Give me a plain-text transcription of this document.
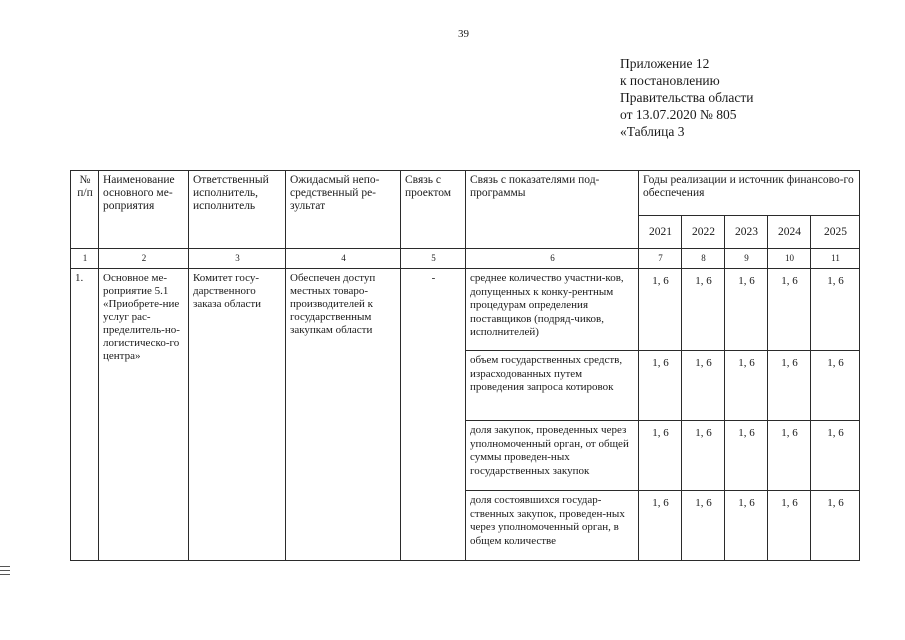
39
Приложение 12
к постановлению
Правительства области
от 13.07.2020 № 805
«Таблица 3
№ п/п	Наименование основного ме-роприятия	Ответственный исполнитель, исполнитель	Ожидасмый непо-средственный ре-зультат	Связь с проектом	Связь с показателями под-программы	Годы реализации и источник финансово-го обеспечения				
						2021	2022	2023	2024	2025
1	2	3	4	5	6	7	8	9	10	11
1.	Основное ме-роприятие 5.1 «Приобрете-ние услуг рас-пределитель-но-логистическо-го центра»	Комитет госу-дарственного заказа области	Обеспечен доступ местных товаро-производителей к государственным закупкам области	-	среднее количество участни-ков, допущенных к конку-рентным процедурам определения поставщиков (подряд-чиков, исполнителей)	1, 6	1, 6	1, 6	1, 6	1, 6
					объем государственных средств, израсходованных путем проведения запроса котировок	1, 6	1, 6	1, 6	1, 6	1, 6
					доля закупок, проведенных через уполномоченный орган, от общей суммы проведен-ных государственных закупок	1, 6	1, 6	1, 6	1, 6	1, 6
					доля состоявшихся государ-ственных закупок, проведен-ных через уполномоченный орган, в общем количестве	1, 6	1, 6	1, 6	1, 6	1, 6
